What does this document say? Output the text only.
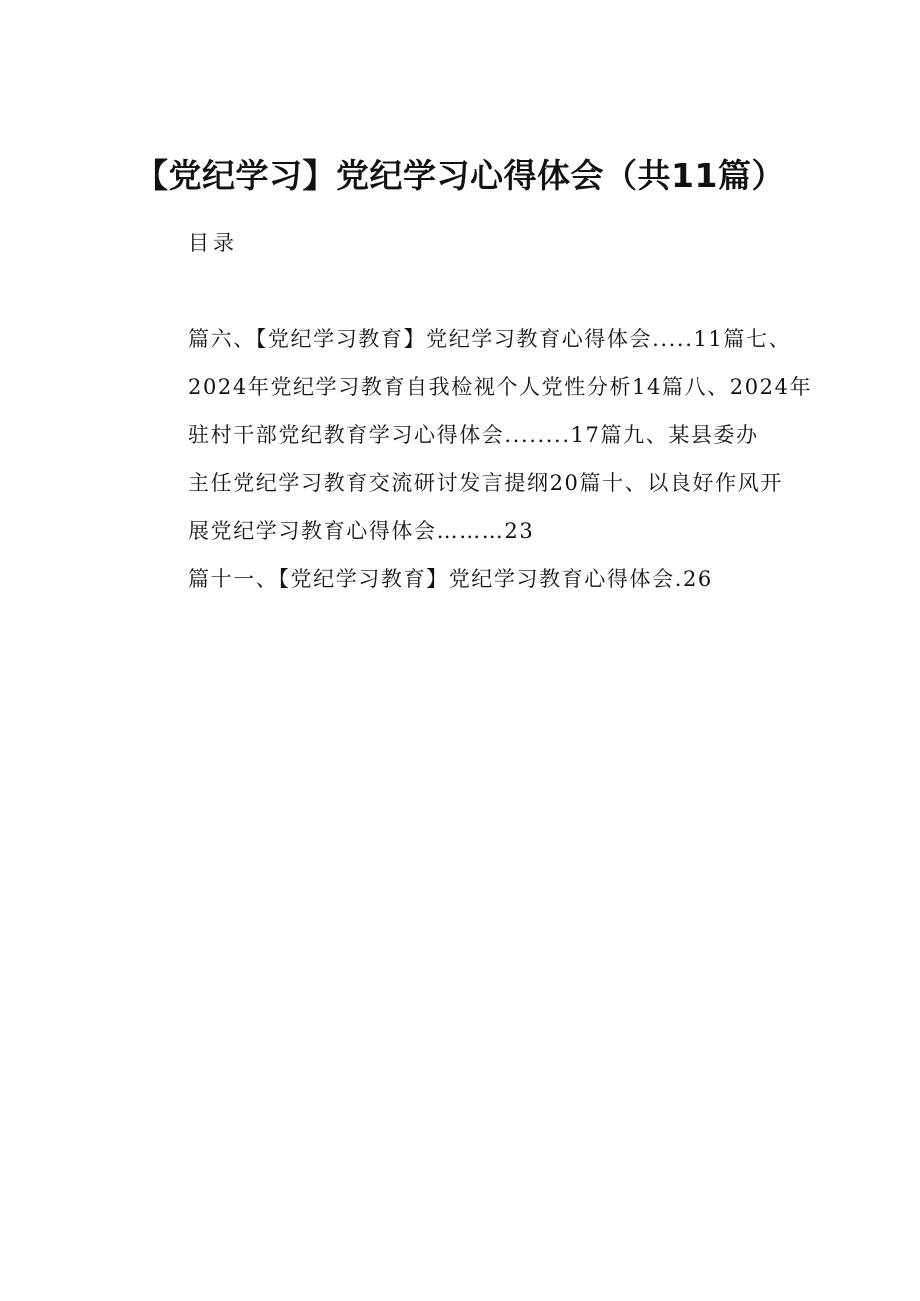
【党纪学习】党纪学习心得体会（共11篇）
目录
篇六、【党纪学习教育】党纪学习教育心得体会.....11篇七、
2024年党纪学习教育自我检视个人党性分析14篇八、2024年
驻村干部党纪教育学习心得体会........17篇九、某县委办
主任党纪学习教育交流研讨发言提纲20篇十、以良好作风开
展党纪学习教育心得体会………23
篇十一、【党纪学习教育】党纪学习教育心得体会.26
